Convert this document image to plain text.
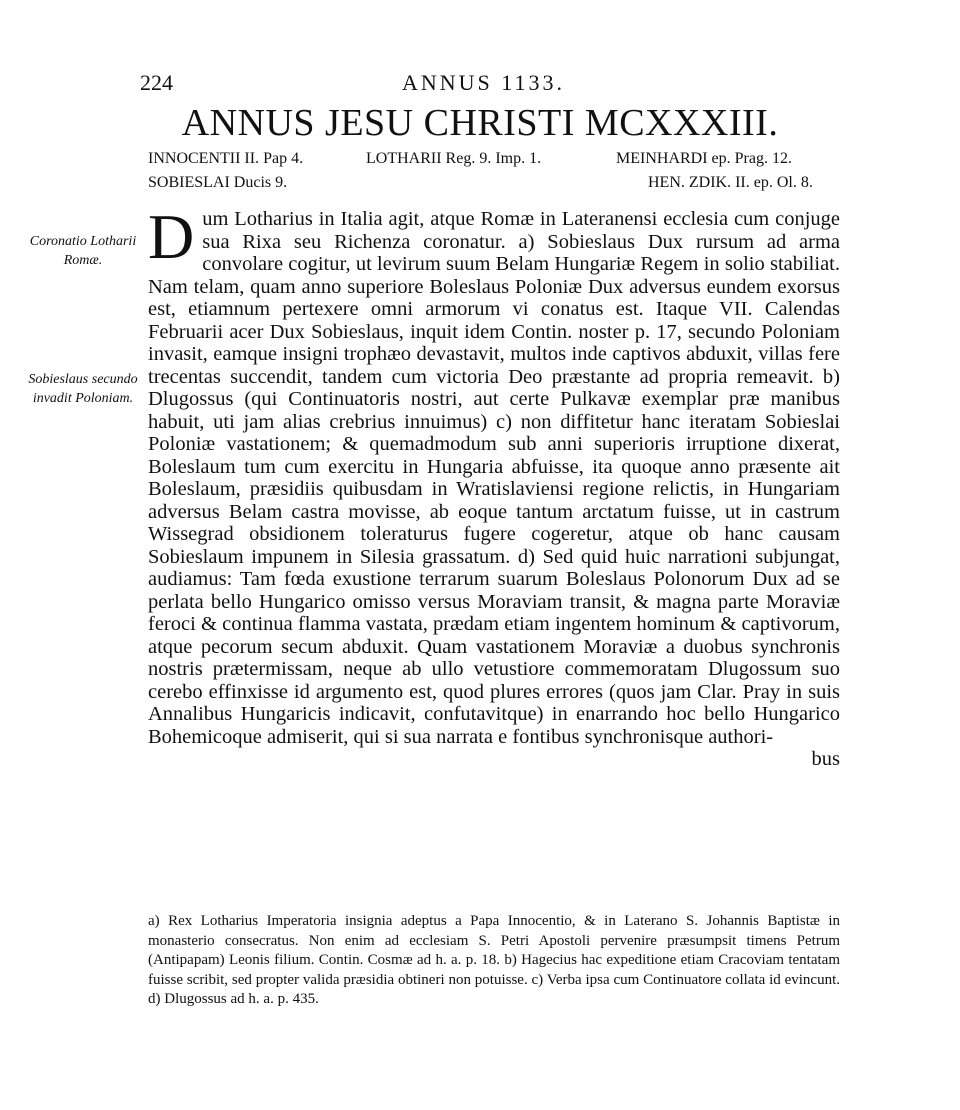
224	ANNUS 1133.
ANNUS JESU CHRISTI MCXXXIII.
INNOCENTII II. Pap 4.	LOTHARII Reg. 9. Imp. 1.	MEINHARDI ep. Prag. 12.
SOBIESLAI Ducis 9.	HEN. ZDIK. II. ep. Ol. 8.
Coronatio Lotharii Romæ.
Sobieslaus secundo invadit Poloniam.

Dum Lotharius in Italia agit, atque Romæ in Lateranensi ecclesia cum conjuge sua Rixa seu Richenza coronatur. a) Sobieslaus Dux rursum ad arma convolare cogitur, ut levirum suum Belam Hungariæ Regem in solio stabiliat. Nam telam, quam anno superiore Boleslaus Poloniæ Dux adversus eundem exorsus est, etiamnum pertexere omni armorum vi conatus est. Itaque VII. Calendas Februarii acer Dux Sobieslaus, inquit idem Contin. noster p. 17, secundo Poloniam invasit, eamque insigni trophæo devastavit, multos inde captivos abduxit, villas fere trecentas succendit, tandem cum victoria Deo præstante ad propria remeavit. b) Dlugossus (qui Continuatoris nostri, aut certe Pulkavæ exemplar præ manibus habuit, uti jam alias crebrius innuimus) c) non diffitetur hanc iteratam Sobieslai Poloniæ vastationem; & quemadmodum sub anni superioris irruptione dixerat, Boleslaum tum cum exercitu in Hungaria abfuisse, ita quoque anno præsente ait Boleslaum, præsidiis quibusdam in Wratislaviensi regione relictis, in Hungariam adversus Belam castra movisse, ab eoque tantum arctatum fuisse, ut in castrum Wissegrad obsidionem toleraturus fugere cogeretur, atque ob hanc causam Sobieslaum impunem in Silesia grassatum. d) Sed quid huic narrationi subjungat, audiamus: Tam fœda exustione terrarum suarum Boleslaus Polonorum Dux ad se perlata bello Hungarico omisso versus Moraviam transit, & magna parte Moraviæ feroci & continua flamma vastata, prædam etiam ingentem hominum & captivorum, atque pecorum secum abduxit. Quam vastationem Moraviæ a duobus synchronis nostris prætermissam, neque ab ullo vetustiore commemoratam Dlugossum suo cerebo effinxisse id argumento est, quod plures errores (quos jam Clar. Pray in suis Annalibus Hungaricis indicavit, confutavitque) in enarrando hoc bello Hungarico Bohemicoque admiserit, qui si sua narrata e fontibus synchronisque authori-

bus

a) Rex Lotharius Imperatoria insignia adeptus a Papa Innocentio, & in Laterano S. Johannis Baptistæ in monasterio consecratus. Non enim ad ecclesiam S. Petri Apostoli pervenire præsumpsit timens Petrum (Antipapam) Leonis filium. Contin. Cosmæ ad h. a. p. 18. b) Hagecius hac expeditione etiam Cracoviam tentatam fuisse scribit, sed propter valida præsidia obtineri non potuisse. c) Verba ipsa cum Continuatore collata id evincunt. d) Dlugossus ad h. a. p. 435.
